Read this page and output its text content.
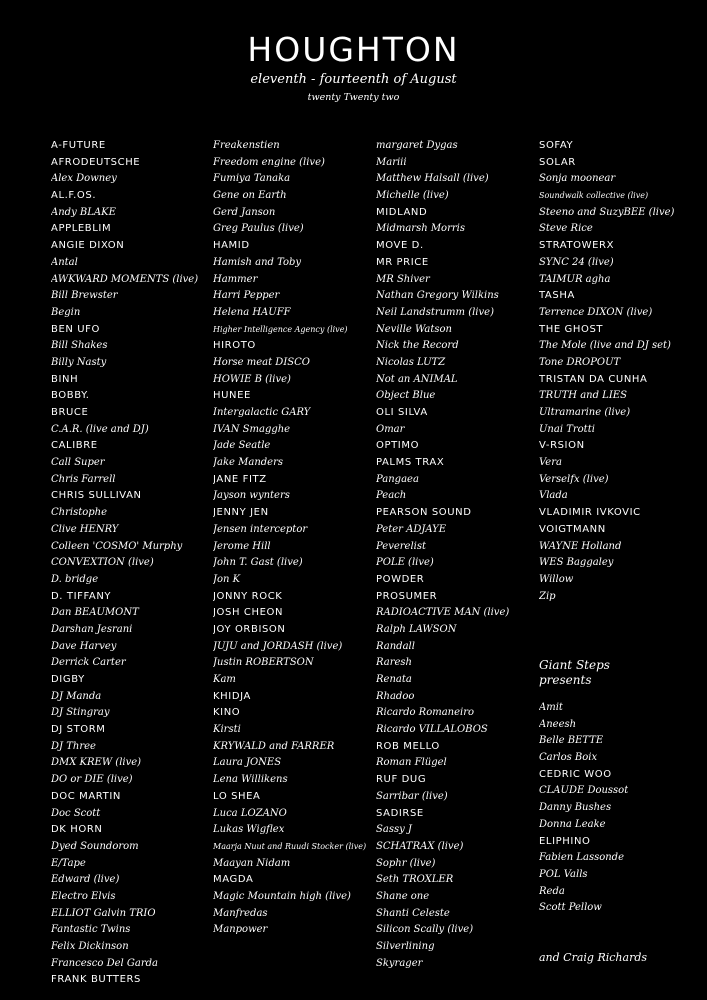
HOUGHTON
eleventh - fourteenth of August
twenty Twenty two
A-FUTURE
AFRODEUTSCHE
Alex Downey
AL.F.OS.
Andy BLAKE
APPLEBLIM
ANGIE DIXON
Antal
AWKWARD MOMENTS (live)
Bill Brewster
Begin
BEN UFO
Bill Shakes
Billy Nasty
BINH
BOBBY.
BRUCE
C.A.R. (live and DJ)
CALIBRE
Call Super
Chris Farrell
CHRIS SULLIVAN
Christophe
Clive HENRY
Colleen 'COSMO' Murphy
CONVEXTION (live)
D. bridge
D. TIFFANY
Dan BEAUMONT
Darshan Jesrani
Dave Harvey
Derrick Carter
DIGBY
DJ Manda
DJ Stingray
DJ STORM
DJ Three
DMX KREW (live)
DO or DIE (live)
DOC MARTIN
Doc Scott
DK HORN
Dyed Soundorom
E/Tape
Edward (live)
Electro Elvis
ELLIOT Galvin TRIO
Fantastic Twins
Felix Dickinson
Francesco Del Garda
FRANK BUTTERS
Freakenstien
Freedom engine (live)
Fumiya Tanaka
Gene on Earth
Gerd Janson
Greg Paulus (live)
HAMID
Hamish and Toby
Hammer
Harri Pepper
Helena HAUFF
Higher Intelligence Agency (live)
HIROTO
Horse meat DISCO
HOWIE B (live)
HUNEE
Intergalactic GARY
IVAN Smagghe
Jade Seatle
Jake Manders
JANE FITZ
Jayson wynters
JENNY JEN
Jensen interceptor
Jerome Hill
John T. Gast (live)
Jon K
JONNY ROCK
JOSH CHEON
JOY ORBISON
JUJU and JORDASH (live)
Justin ROBERTSON
Kam
KHIDJA
KINO
Kirsti
KRYWALD and FARRER
Laura JONES
Lena Willikens
LO SHEA
Luca LOZANO
Lukas Wigflex
Maarja Nuut and Ruudi Stocker (live)
Maayan Nidam
MAGDA
Magic Mountain high (live)
Manfredas
Manpower
margaret Dygas
Mariii
Matthew Halsall (live)
Michelle (live)
MIDLAND
Midmarsh Morris
MOVE D.
MR PRICE
MR Shiver
Nathan Gregory Wilkins
Neil Landstrumm (live)
Neville Watson
Nick the Record
Nicolas LUTZ
Not an ANIMAL
Object Blue
OLI SILVA
Omar
OPTIMO
PALMS TRAX
Pangaea
Peach
PEARSON SOUND
Peter ADJAYE
Peverelist
POLE (live)
POWDER
PROSUMER
RADIOACTIVE MAN (live)
Ralph LAWSON
Randall
Raresh
Renata
Rhadoo
Ricardo Romaneiro
Ricardo VILLALOBOS
ROB MELLO
Roman Flügel
RUF DUG
Sarribar (live)
SADIRSE
Sassy J
SCHATRAX (live)
Sophr (live)
Seth TROXLER
Shane one
Shanti Celeste
Silicon Scally (live)
Silverlining
Skyrager
SOFAY
SOLAR
Sonja moonear
Soundwalk collective (live)
Steeno and SuzyBEE (live)
Steve Rice
STRATOWERX
SYNC 24 (live)
TAIMUR agha
TASHA
Terrence DIXON (live)
THE GHOST
The Mole (live and DJ set)
Tone DROPOUT
TRISTAN DA CUNHA
TRUTH and LIES
Ultramarine (live)
Unai Trotti
V-RSION
Vera
Verselfx (live)
Vlada
VLADIMIR IVKOVIC
VOIGTMANN
WAYNE Holland
WES Baggaley
Willow
Zip
Giant Steps
presents
Amit
Aneesh
Belle BETTE
Carlos Boix
CEDRIC WOO
CLAUDE Doussot
Danny Bushes
Donna Leake
ELIPHINO
Fabien Lassonde
POL Valls
Reda
Scott Pellow
and Craig Richards
